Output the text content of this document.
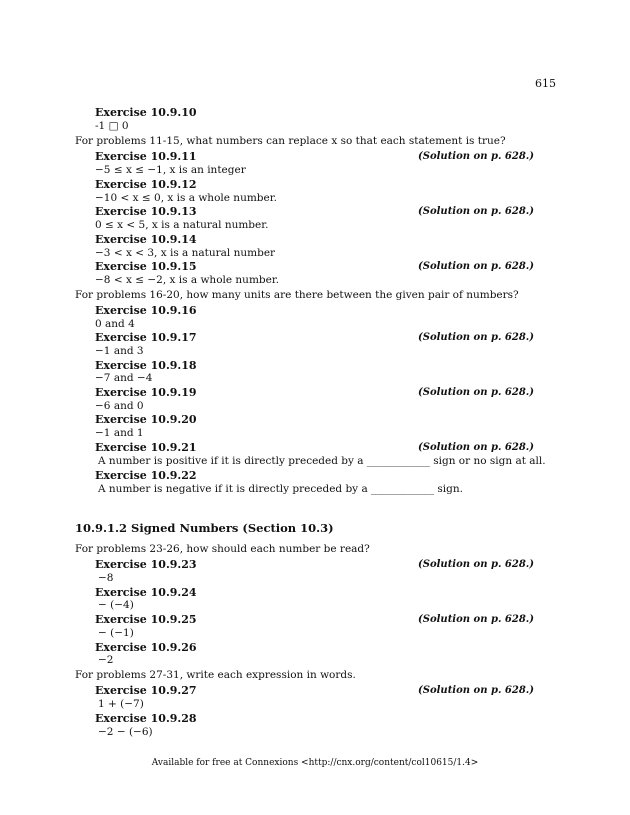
615
Exercise 10.9.10
-1 □ 0
For problems 11-15, what numbers can replace x so that each statement is true?
Exercise 10.9.11	(Solution on p. 628.)
−5 ≤ x ≤ −1, x is an integer
Exercise 10.9.12
−10 < x ≤ 0, x is a whole number.
Exercise 10.9.13	(Solution on p. 628.)
0 ≤ x < 5, x is a natural number.
Exercise 10.9.14
−3 < x < 3, x is a natural number
Exercise 10.9.15	(Solution on p. 628.)
−8 < x ≤ −2, x is a whole number.
For problems 16-20, how many units are there between the given pair of numbers?
Exercise 10.9.16
0 and 4
Exercise 10.9.17	(Solution on p. 628.)
−1 and 3
Exercise 10.9.18
−7 and −4
Exercise 10.9.19	(Solution on p. 628.)
−6 and 0
Exercise 10.9.20
−1 and 1
Exercise 10.9.21	(Solution on p. 628.)
A number is positive if it is directly preceded by a ____________ sign or no sign at all.
Exercise 10.9.22
A number is negative if it is directly preceded by a ____________ sign.
10.9.1.2 Signed Numbers (Section 10.3)
For problems 23-26, how should each number be read?
Exercise 10.9.23	(Solution on p. 628.)
−8
Exercise 10.9.24
− (−4)
Exercise 10.9.25	(Solution on p. 628.)
− (−1)
Exercise 10.9.26
−2
For problems 27-31, write each expression in words.
Exercise 10.9.27	(Solution on p. 628.)
1 + (−7)
Exercise 10.9.28
−2 − (−6)
Available for free at Connexions <http://cnx.org/content/col10615/1.4>
